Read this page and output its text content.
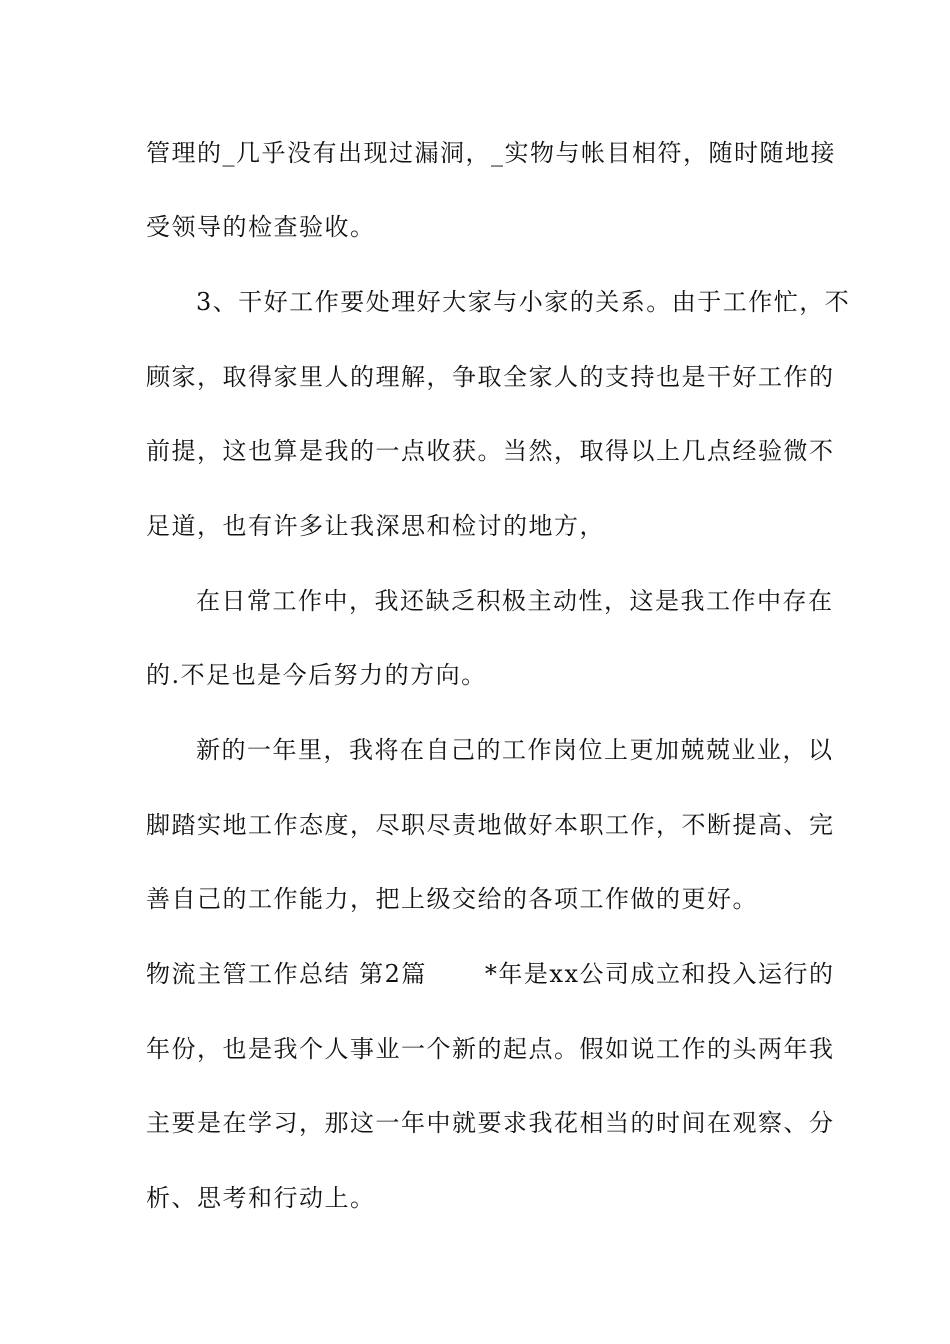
管理的_几乎没有出现过漏洞，_实物与帐目相符，随时随地接
受领导的检查验收。
3、干好工作要处理好大家与小家的关系。由于工作忙，不
顾家，取得家里人的理解，争取全家人的支持也是干好工作的
前提，这也算是我的一点收获。当然，取得以上几点经验微不
足道，也有许多让我深思和检讨的地方，
在日常工作中，我还缺乏积极主动性，这是我工作中存在
的.不足也是今后努力的方向。
新的一年里，我将在自己的工作岗位上更加兢兢业业，以
脚踏实地工作态度，尽职尽责地做好本职工作，不断提高、完
善自己的工作能力，把上级交给的各项工作做的更好。
物流主管工作总结 第2篇 *年是xx公司成立和投入运行的
年份，也是我个人事业一个新的起点。假如说工作的头两年我
主要是在学习，那这一年中就要求我花相当的时间在观察、分
析、思考和行动上。
